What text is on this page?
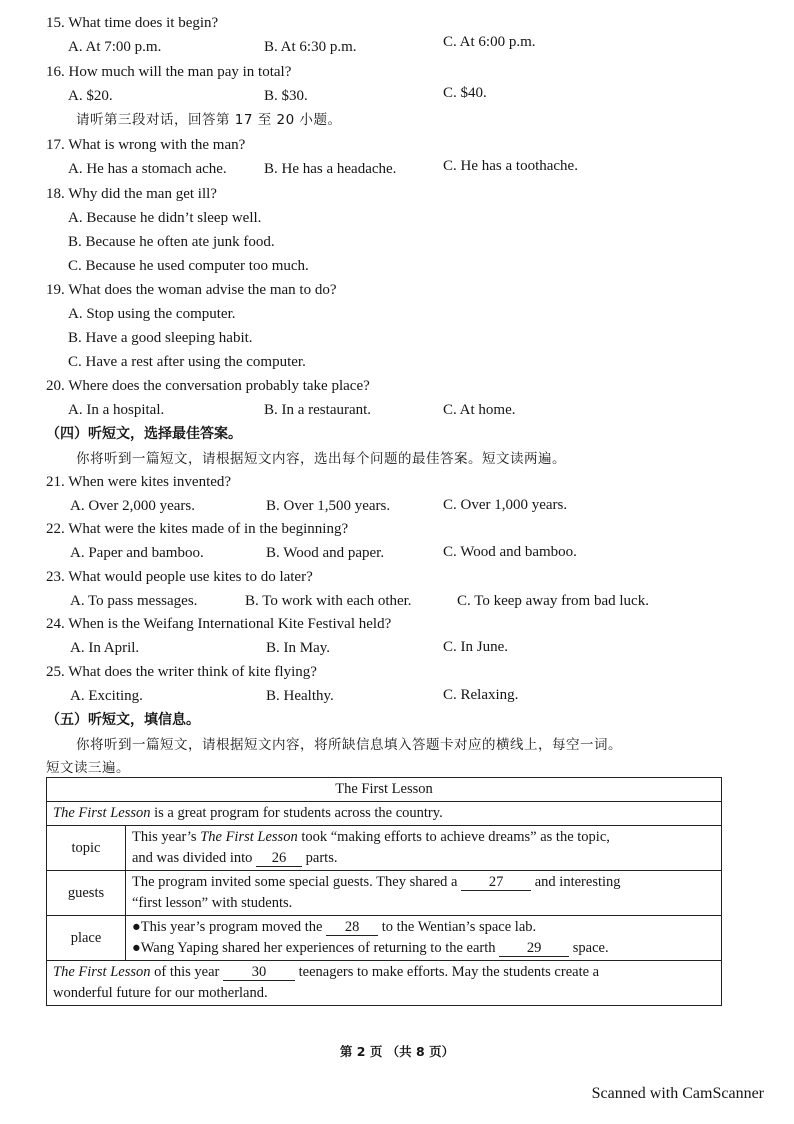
15. What time does it begin?
A. At 7:00 p.m.	B. At 6:30 p.m.	C. At 6:00 p.m.
16. How much will the man pay in total?
A. $20.	B. $30.	C. $40.
请听第三段对话，回答第 17 至 20 小题。
17. What is wrong with the man?
A. He has a stomach ache. B. He has a headache.	C. He has a toothache.
18. Why did the man get ill?
A. Because he didn’t sleep well.
B. Because he often ate junk food.
C. Because he used computer too much.
19. What does the woman advise the man to do?
A. Stop using the computer.
B. Have a good sleeping habit.
C. Have a rest after using the computer.
20. Where does the conversation probably take place?
A. In a hospital.	B. In a restaurant.	C. At home.
（四）听短文，选择最佳答案。
你将听到一篇短文，请根据短文内容，选出每个问题的最佳答案。短文读两遍。
21. When were kites invented?
A. Over 2,000 years.	B. Over 1,500 years.	C. Over 1,000 years.
22. What were the kites made of in the beginning?
A. Paper and bamboo.	B. Wood and paper.	C. Wood and bamboo.
23. What would people use kites to do later?
A. To pass messages.	B. To work with each other.	C. To keep away from bad luck.
24. When is the Weifang International Kite Festival held?
A. In April.	B. In May.	C. In June.
25. What does the writer think of kite flying?
A. Exciting.	B. Healthy.	C. Relaxing.
（五）听短文，填信息。
你将听到一篇短文，请根据短文内容，将所缺信息填入答题卡对应的横线上，每空一词。
短文读三遍。
The First Lesson	
The First Lesson is a great program for students across the country.	
topic	This year’s The First Lesson took “making efforts to achieve dreams” as the topic,
and was divided into 26 parts.

guests	The program invited some special guests. They shared a 27 and interesting
“first lesson” with students.

place	●This year’s program moved the 28 to the Wentian’s space lab.
●Wang Yaping shared her experiences of returning to the earth 29 space.

The First Lesson of this year 30 teenagers to make efforts. May the students create a
wonderful future for our motherland.	
第 2 页 （共 8 页）
Scanned with CamScanner
